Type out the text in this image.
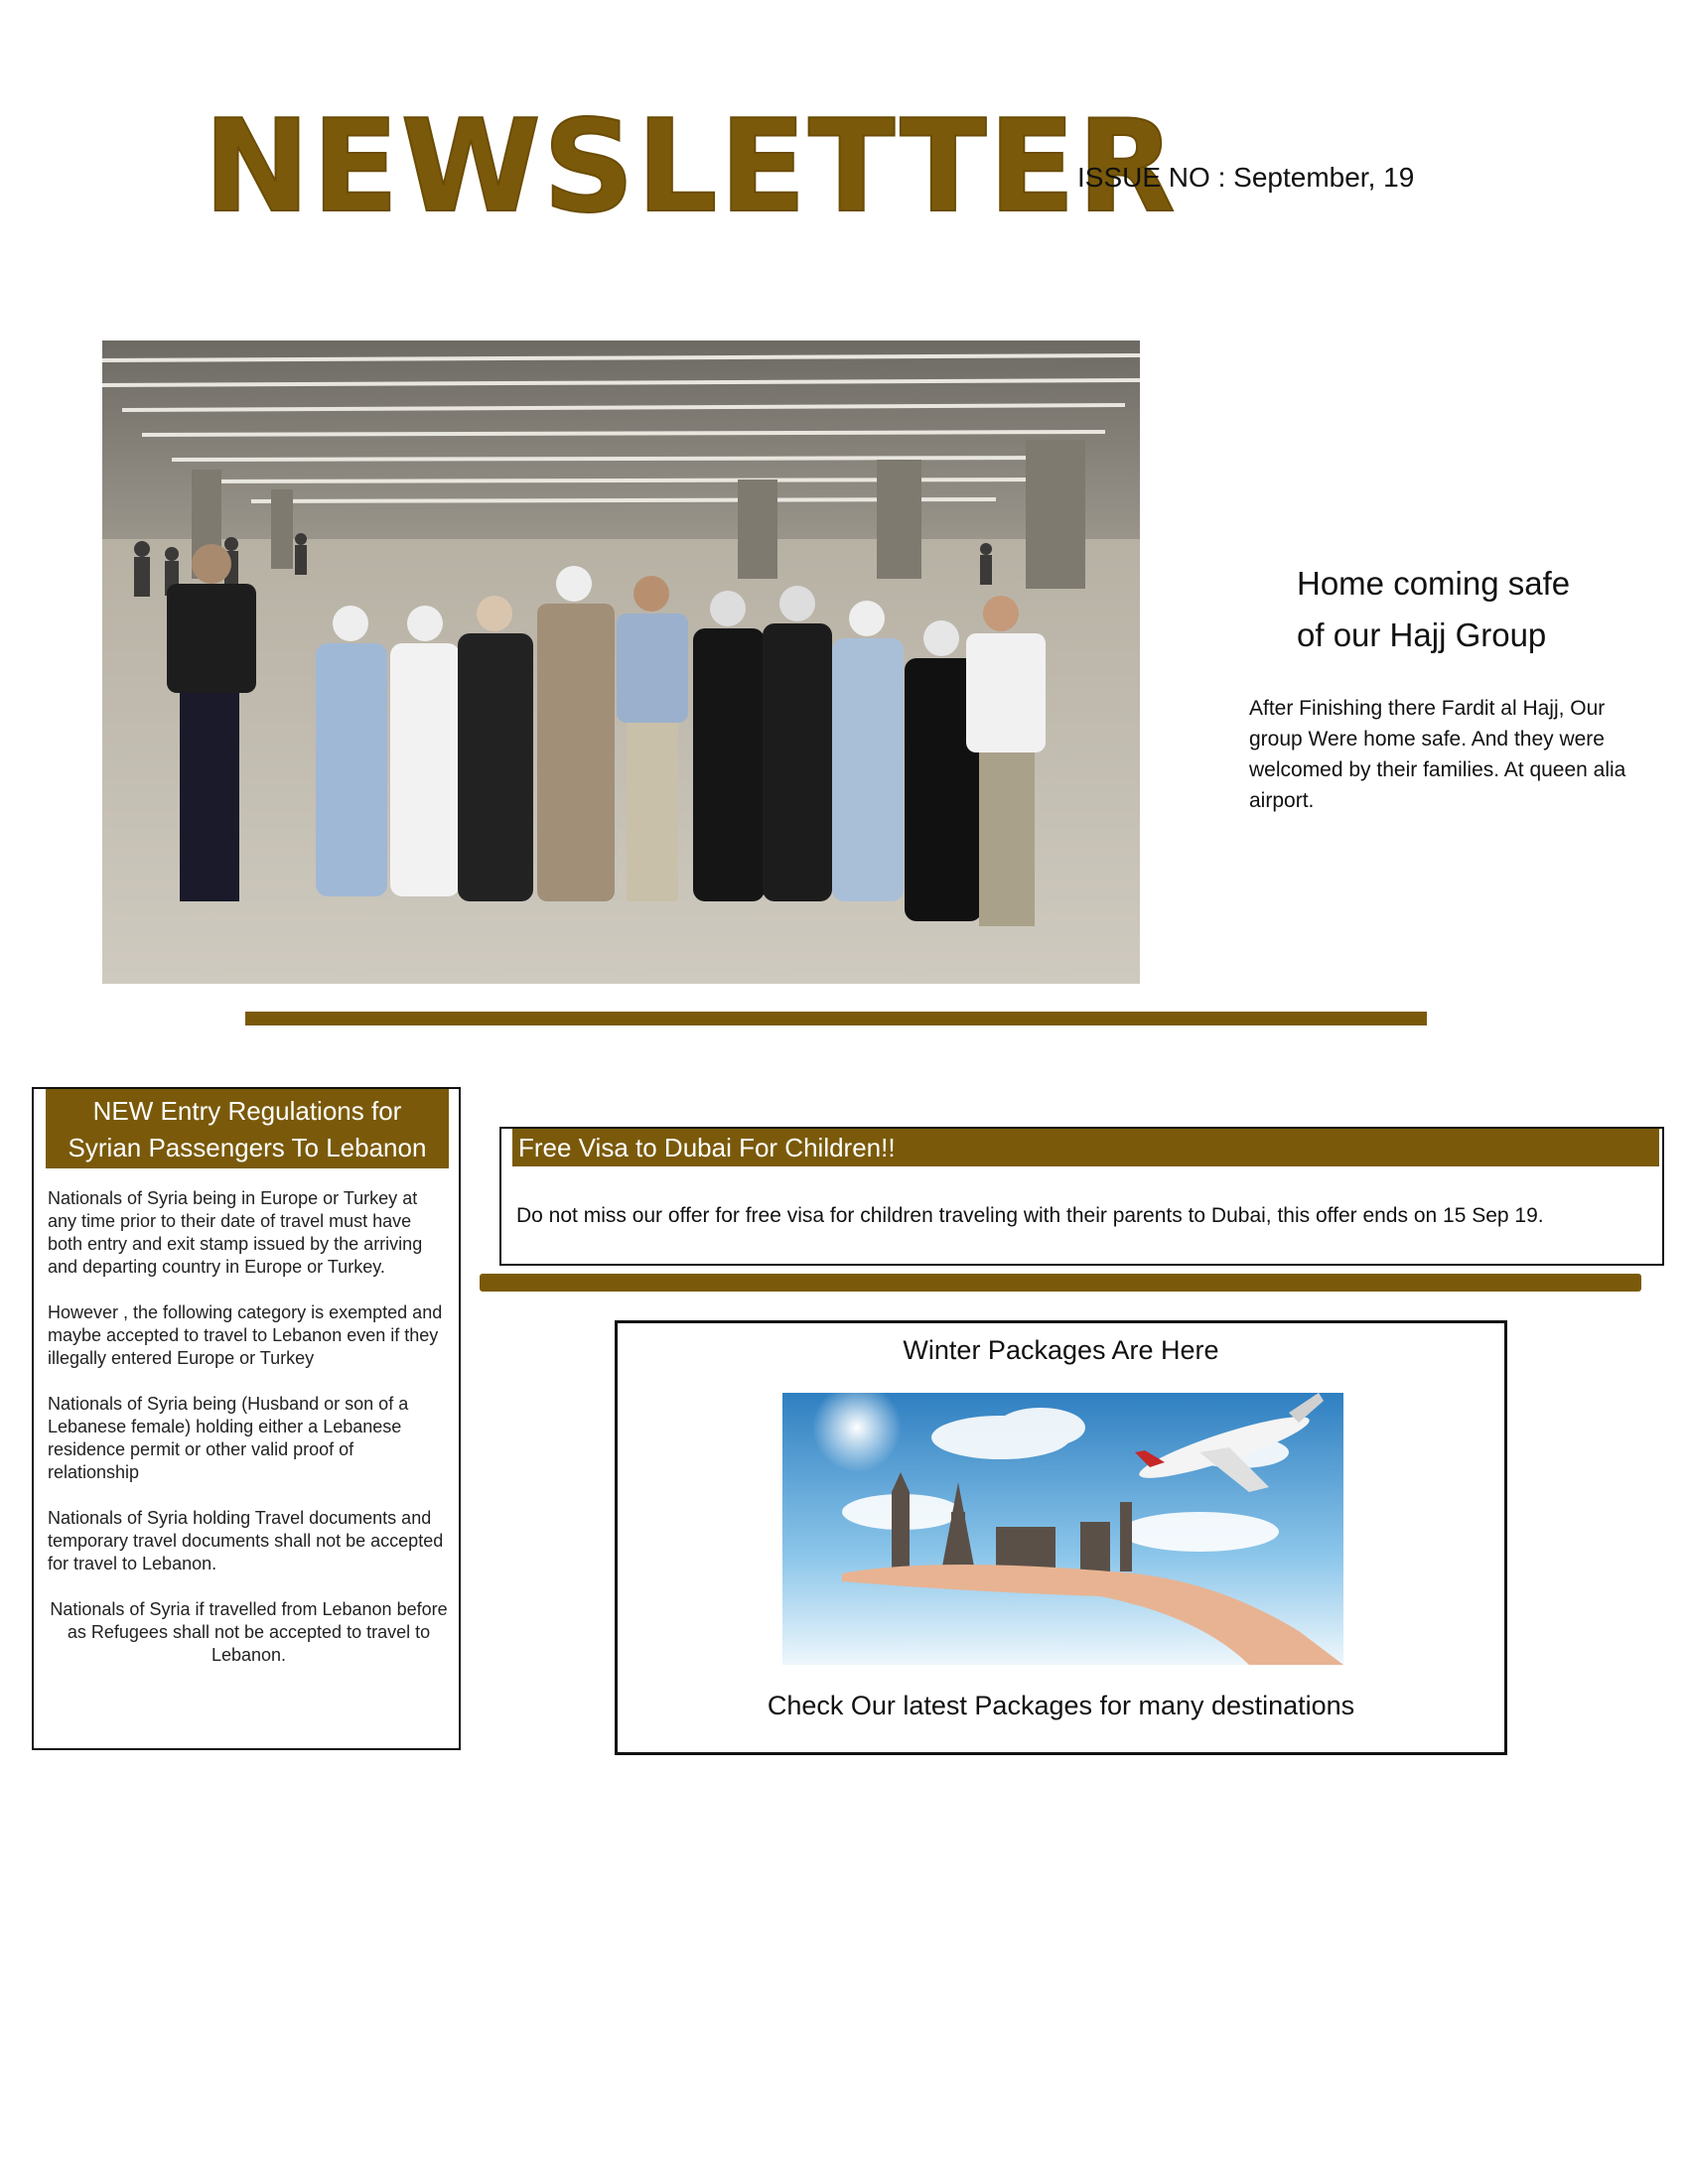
NEWSLETTER
ISSUE NO : September, 19
Home coming safe
of our Hajj Group
After Finishing there Fardit al Hajj, Our group Were home safe. And they were welcomed by their families. At queen alia airport.
NEW Entry Regulations for
Syrian Passengers To Lebanon

Nationals of Syria being in Europe or Turkey at any time prior to their date of travel must have both entry and exit stamp issued by the arriving and departing country in Europe or Turkey.

However , the following category is exempted and maybe accepted to travel to Lebanon even if they illegally entered Europe or Turkey

Nationals of Syria being (Husband or son of a Lebanese female) holding either a Lebanese residence permit or other valid proof of relationship

Nationals of Syria holding Travel documents and temporary travel documents shall not be accepted for travel to Lebanon.

Nationals of Syria if travelled from Lebanon before as Refugees shall not be accepted to travel to Lebanon.

Free Visa to Dubai For Children!!
Do not miss our offer for free visa for children traveling with their parents to Dubai, this offer ends on 15 Sep 19.
Winter Packages Are Here
Check Our latest Packages for many destinations
